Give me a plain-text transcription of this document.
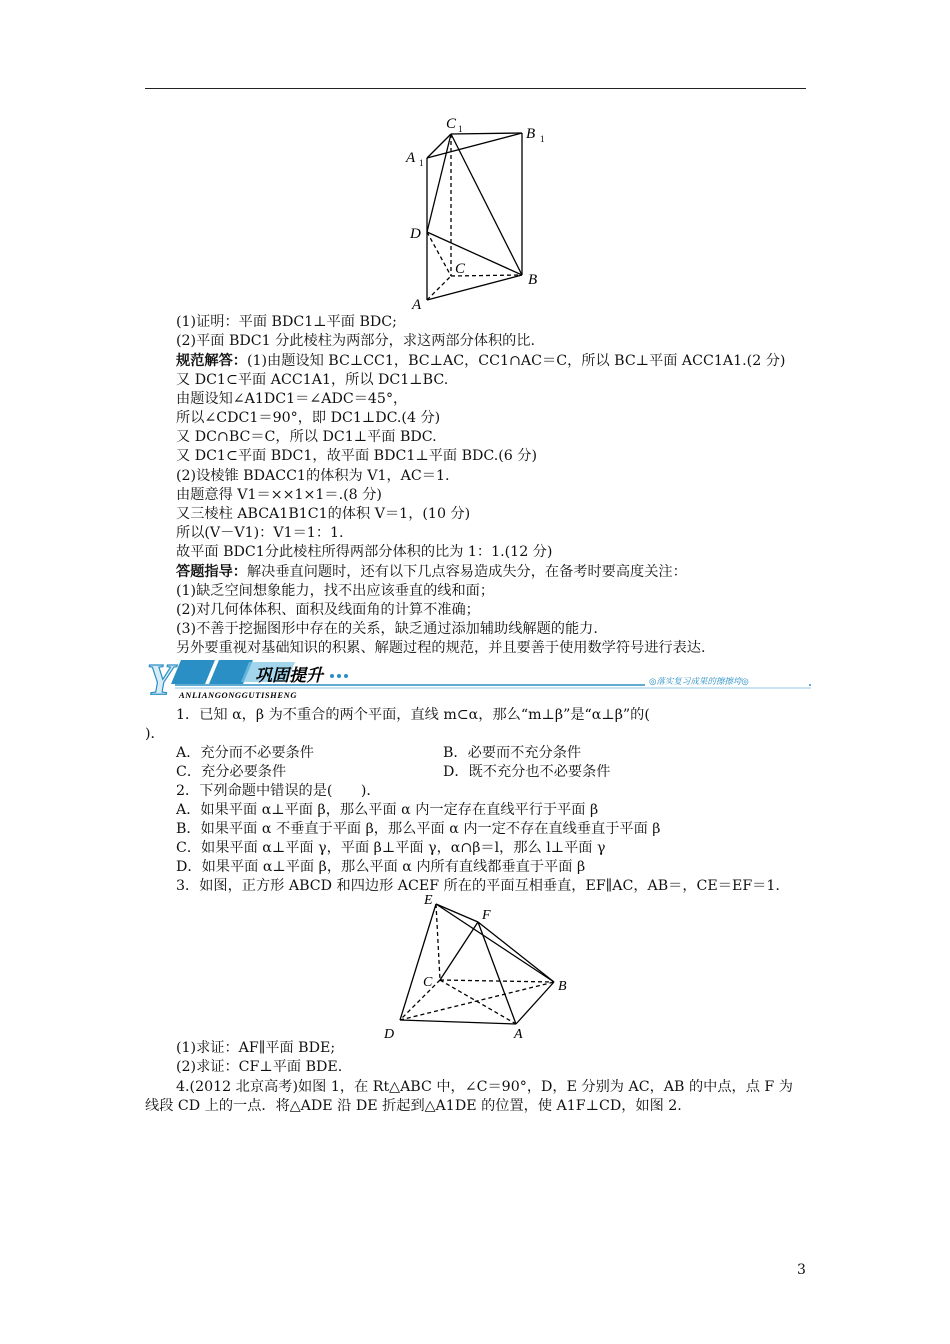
C 1	B 1
A 1
D
C
B
A
(1)证明：平面 BDC1⊥平面 BDC;
(2)平面 BDC1 分此棱柱为两部分，求这两部分体积的比.
规范解答：(1)由题设知 BC⊥CC1，BC⊥AC，CC1∩AC＝C，所以 BC⊥平面 ACC1A1.(2 分)
又 DC1⊂平面 ACC1A1，所以 DC1⊥BC.
由题设知∠A1DC1＝∠ADC＝45°，
所以∠CDC1＝90°，即 DC1⊥DC.(4 分)
又 DC∩BC＝C，所以 DC1⊥平面 BDC.
又 DC1⊂平面 BDC1，故平面 BDC1⊥平面 BDC.(6 分)
(2)设棱锥 BDACC1的体积为 V1，AC＝1.
由题意得 V1＝××1×1＝.(8 分)
又三棱柱 ABCA1B1C1的体积 V＝1，(10 分)
所以(V－V1)：V1＝1：1.
故平面 BDC1分此棱柱所得两部分体积的比为 1：1.(12 分)
答题指导：解决垂直问题时，还有以下几点容易造成失分，在备考时要高度关注：
(1)缺乏空间想象能力，找不出应该垂直的线和面；
(2)对几何体体积、面积及线面角的计算不准确；
(3)不善于挖掘图形中存在的关系，缺乏通过添加辅助线解题的能力.
另外要重视对基础知识的积累、解题过程的规范，并且要善于使用数学符号进行表达.
Y	巩固提升
ANLIANGONGGUTISHENG
◎落实复习成果的擦擦垮◎
1．已知 α，β 为不重合的两个平面，直线 m⊂α，那么“m⊥β”是“α⊥β”的(
)．
A．充分而不必要条件	B．必要而不充分条件
C．充分必要条件	D．既不充分也不必要条件
2．下列命题中错误的是(　　)．
A．如果平面 α⊥平面 β，那么平面 α 内一定存在直线平行于平面 β
B．如果平面 α 不垂直于平面 β，那么平面 α 内一定不存在直线垂直于平面 β
C．如果平面 α⊥平面 γ，平面 β⊥平面 γ，α∩β＝l，那么 l⊥平面 γ
D．如果平面 α⊥平面 β，那么平面 α 内所有直线都垂直于平面 β
3．如图，正方形 ABCD 和四边形 ACEF 所在的平面互相垂直，EF∥AC，AB＝，CE＝EF＝1.
E
F
C	B
D	A
(1)求证：AF∥平面 BDE;
(2)求证：CF⊥平面 BDE.
4.(2012 北京高考)如图 1，在 Rt△ABC 中，∠C＝90°，D，E 分别为 AC，AB 的中点，点 F 为
线段 CD 上的一点．将△ADE 沿 DE 折起到△A1DE 的位置，使 A1F⊥CD，如图 2.
3
